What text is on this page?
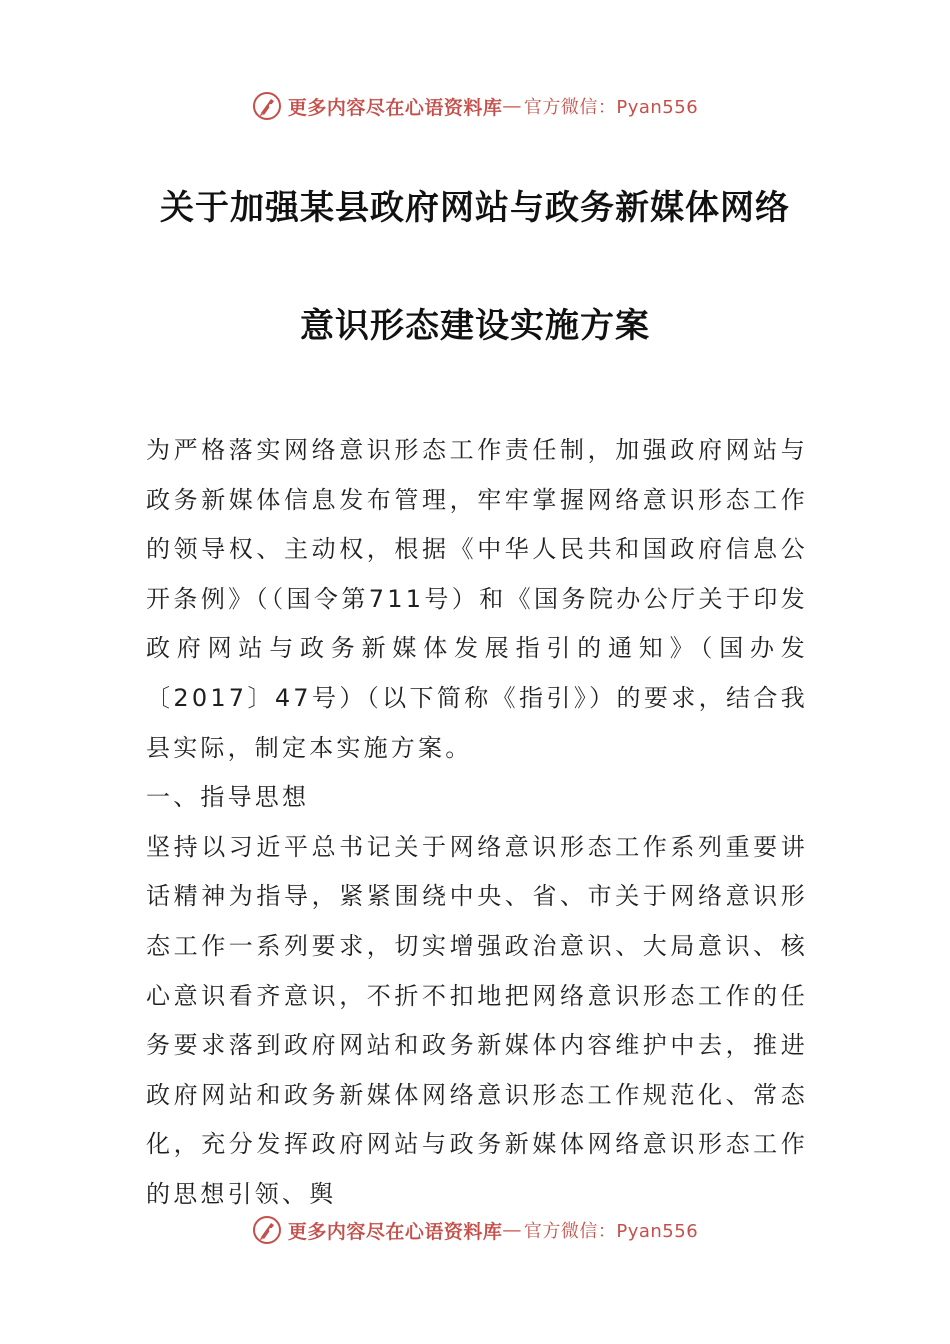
更多内容尽在心语资料库 — 官方微信：Pyan556
关于加强某县政府网站与政务新媒体网络
意识形态建设实施方案

为严格落实网络意识形态工作责任制，加强政府网站与政务新媒体信息发布管理，牢牢掌握网络意识形态工作的领导权、主动权，根据《中华人民共和国政府信息公开条例》（（国令第711号）和《国务院办公厅关于印发政府网站与政务新媒体发展指引的通知》（国办发〔2017〕47号）（以下简称《指引》）的要求，结合我县实际，制定本实施方案。

一、指导思想

坚持以习近平总书记关于网络意识形态工作系列重要讲话精神为指导，紧紧围绕中央、省、市关于网络意识形态工作一系列要求，切实增强政治意识、大局意识、核心意识看齐意识，不折不扣地把网络意识形态工作的任务要求落到政府网站和政务新媒体内容维护中去，推进政府网站和政务新媒体网络意识形态工作规范化、常态化，充分发挥政府网站与政务新媒体网络意识形态工作的思想引领、舆

更多内容尽在心语资料库 — 官方微信：Pyan556
